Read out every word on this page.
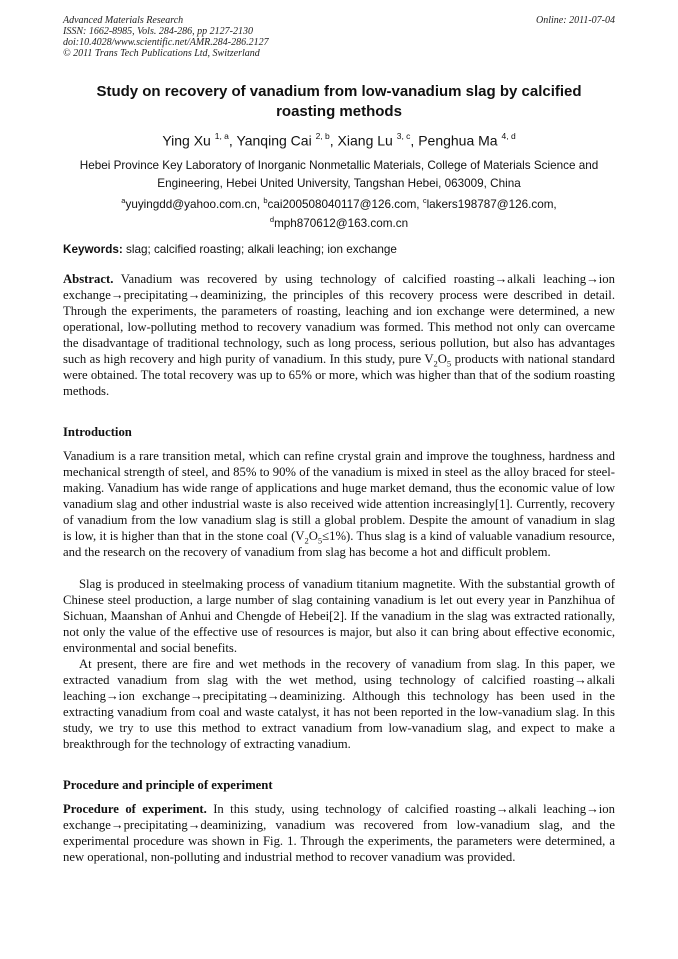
Advanced Materials Research
ISSN: 1662-8985, Vols. 284-286, pp 2127-2130
doi:10.4028/www.scientific.net/AMR.284-286.2127
© 2011 Trans Tech Publications Ltd, Switzerland
Online: 2011-07-04
Study on recovery of vanadium from low-vanadium slag by calcified
roasting methods
Ying Xu $^{1, a}$, Yanqing Cai $^{2, b}$, Xiang Lu $^{3, c}$, Penghua Ma $^{4, d}$
Hebei Province Key Laboratory of Inorganic Nonmetallic Materials, College of Materials Science and
Engineering, Hebei United University, Tangshan Hebei, 063009, China
$^a$yuyingdd@yahoo.com.cn, $^b$cai200508040117@126.com, $^c$lakers198787@126.com,
$^d$mph870612@163.com.cn
Keywords: slag; calcified roasting; alkali leaching; ion exchange

Abstract. Vanadium was recovered by using technology of calcified roasting→alkali leaching→ion exchange→precipitating→deaminizing, the principles of this recovery process were described in detail. Through the experiments, the parameters of roasting, leaching and ion exchange were determined, a new operational, low-polluting method to recovery vanadium was formed. This method not only can overcame the disadvantage of traditional technology, such as long process, serious pollution, but also has advantages such as high recovery and high purity of vanadium. In this study, pure $V_2O_5$ products with national standard were obtained. The total recovery was up to 65% or more, which was higher than that of the sodium roasting methods.

Introduction

Vanadium is a rare transition metal, which can refine crystal grain and improve the toughness, hardness and mechanical strength of steel, and 85% to 90% of the vanadium is mixed in steel as the alloy braced for steel-making. Vanadium has wide range of applications and huge market demand, thus the economic value of low vanadium slag and other industrial waste is also received wide attention increasingly[1]. Currently, recovery of vanadium from the low vanadium slag is still a global problem. Despite the amount of vanadium in slag is low, it is higher than that in the stone coal $(V_2O_5\le 1\%)$. Thus slag is a kind of valuable vanadium resource, and the research on the recovery of vanadium from slag has become a hot and difficult problem.

Slag is produced in steelmaking process of vanadium titanium magnetite. With the substantial growth of Chinese steel production, a large number of slag containing vanadium is let out every year in Panzhihua of Sichuan, Maanshan of Anhui and Chengde of Hebei[2]. If the vanadium in the slag was extracted rationally, not only the value of the effective use of resources is major, but also it can bring about effective economic, environmental and social benefits.

At present, there are fire and wet methods in the recovery of vanadium from slag. In this paper, we extracted vanadium from slag with the wet method, using technology of calcified roasting→alkali leaching→ion exchange→precipitating→deaminizing. Although this technology has been used in the extracting vanadium from coal and waste catalyst, it has not been reported in the low-vanadium slag. In this study, we try to use this method to extract vanadium from low-vanadium slag, and expect to make a breakthrough for the technology of extracting vanadium.

Procedure and principle of experiment

Procedure of experiment. In this study, using technology of calcified roasting→alkali leaching→ion exchange→precipitating→deaminizing, vanadium was recovered from low-vanadium slag, and the experimental procedure was shown in Fig. 1. Through the experiments, the parameters were determined, a new operational, non-polluting and industrial method to recover vanadium was provided.
